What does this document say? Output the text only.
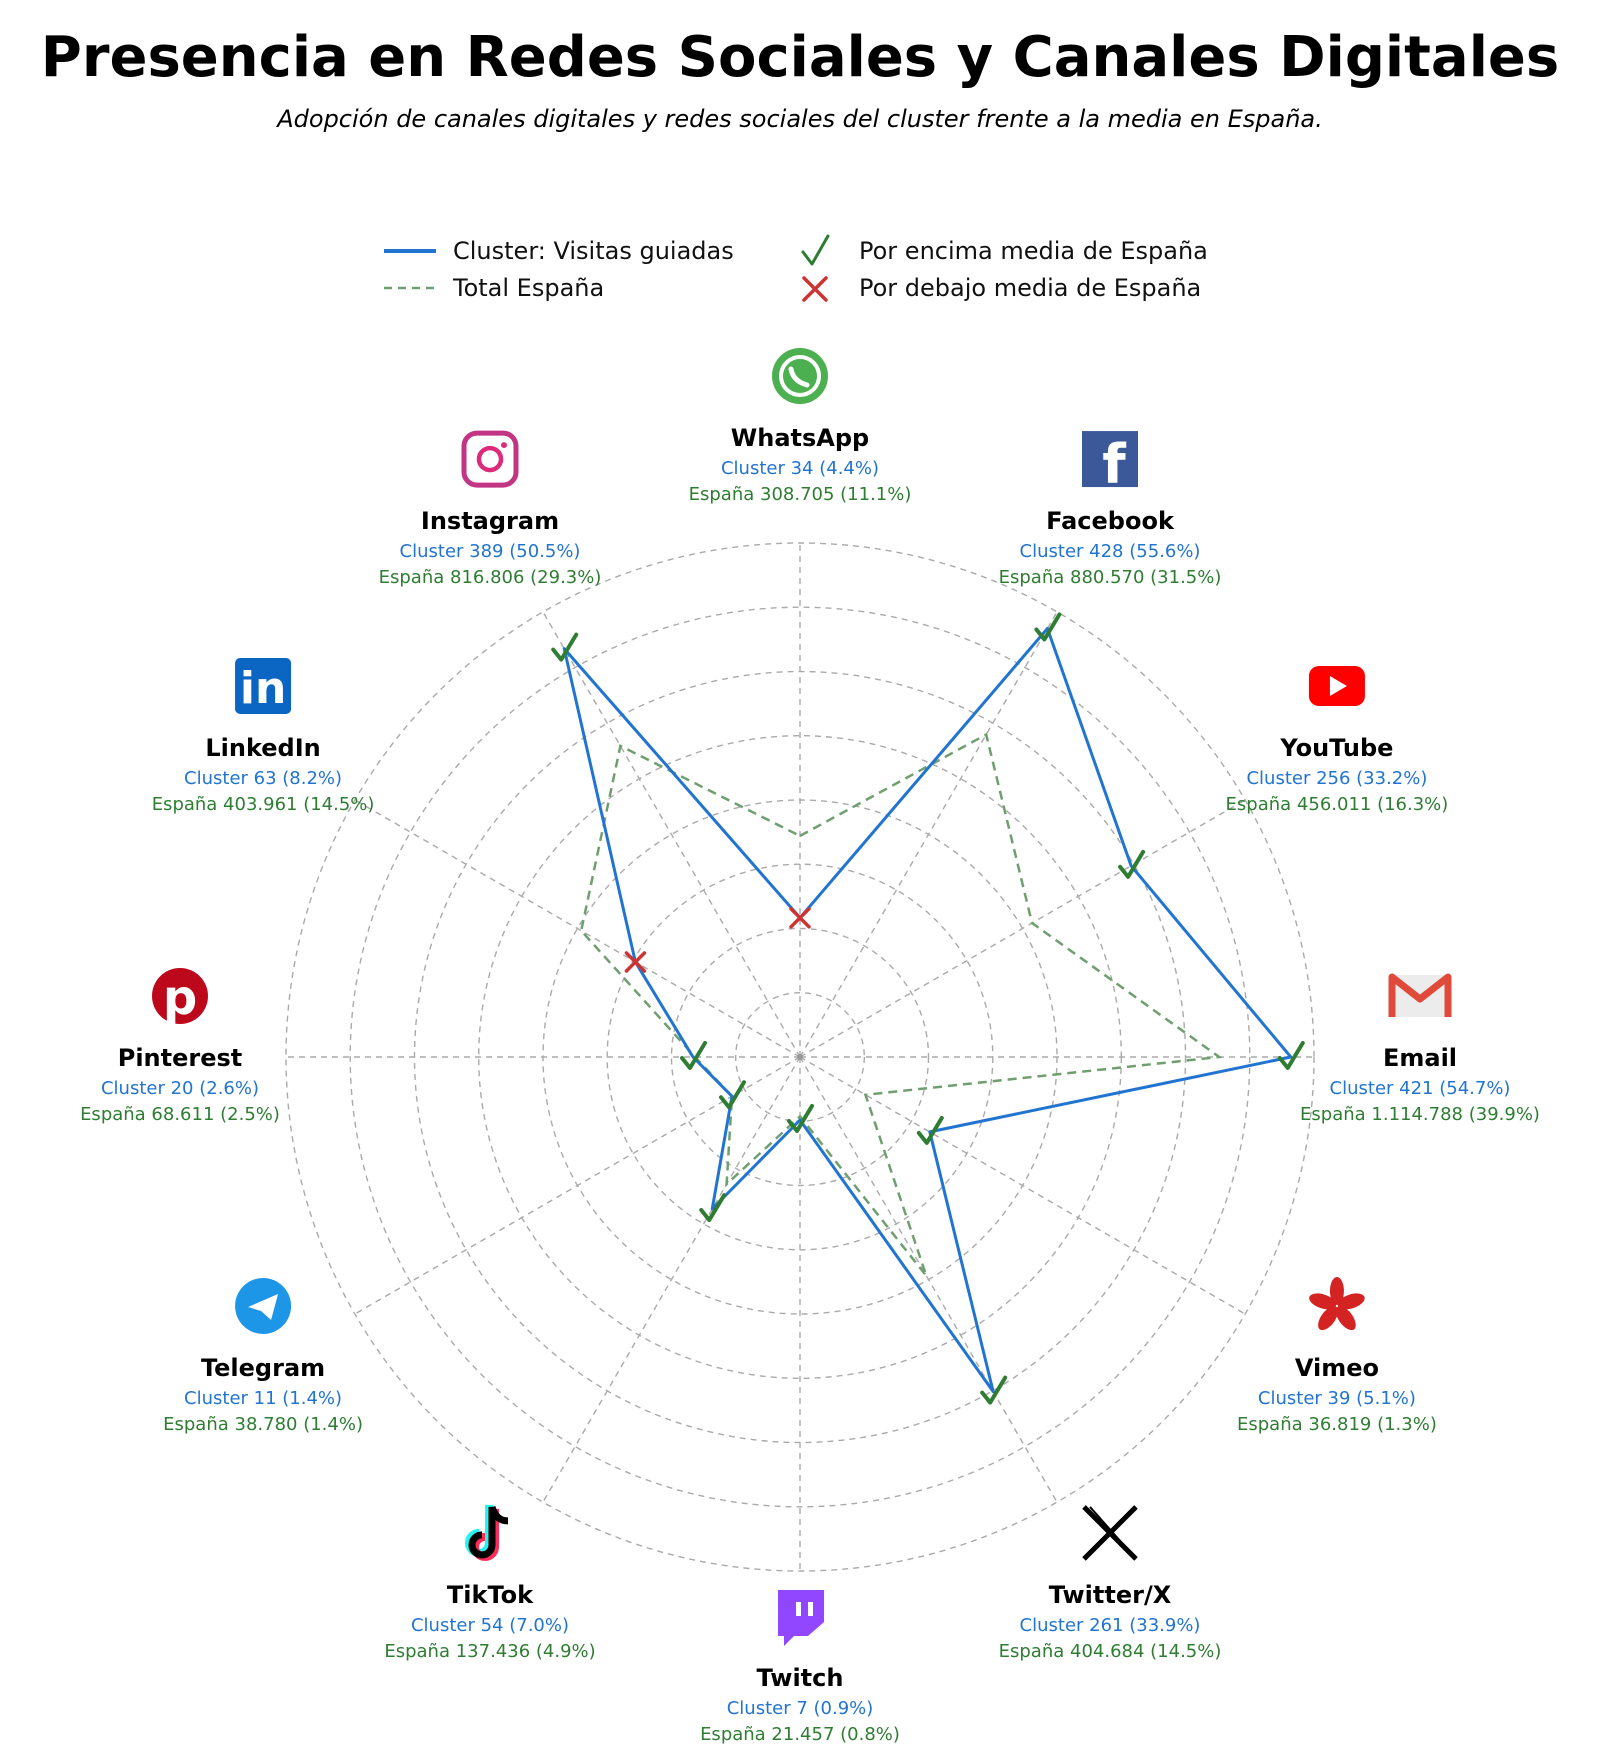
Presencia en Redes Sociales y Canales Digitales
Adopción de canales digitales y redes sociales del cluster frente a la media en España.
Cluster: Visitas guiadas
Total España
Por encima media de España
Por debajo media de España
WhatsApp
Cluster 34 (4.4%)
España 308.705 (11.1%)	f
Facebook
Cluster 428 (55.6%)
España 880.570 (31.5%)
YouTube
Cluster 256 (33.2%)
España 456.011 (16.3%)
Email
Cluster 421 (54.7%)
España 1.114.788 (39.9%)
Vimeo
Cluster 39 (5.1%)
España 36.819 (1.3%)
Twitter/X
Cluster 261 (33.9%)
España 404.684 (14.5%)
Twitch
Cluster 7 (0.9%)
España 21.457 (0.8%)
TikTok
Cluster 54 (7.0%)
España 137.436 (4.9%)
Telegram
Cluster 11 (1.4%)
España 38.780 (1.4%)
p
Pinterest
Cluster 20 (2.6%)
España 68.611 (2.5%)
in
LinkedIn
Cluster 63 (8.2%)
España 403.961 (14.5%)
Instagram
Cluster 389 (50.5%)
España 816.806 (29.3%)
